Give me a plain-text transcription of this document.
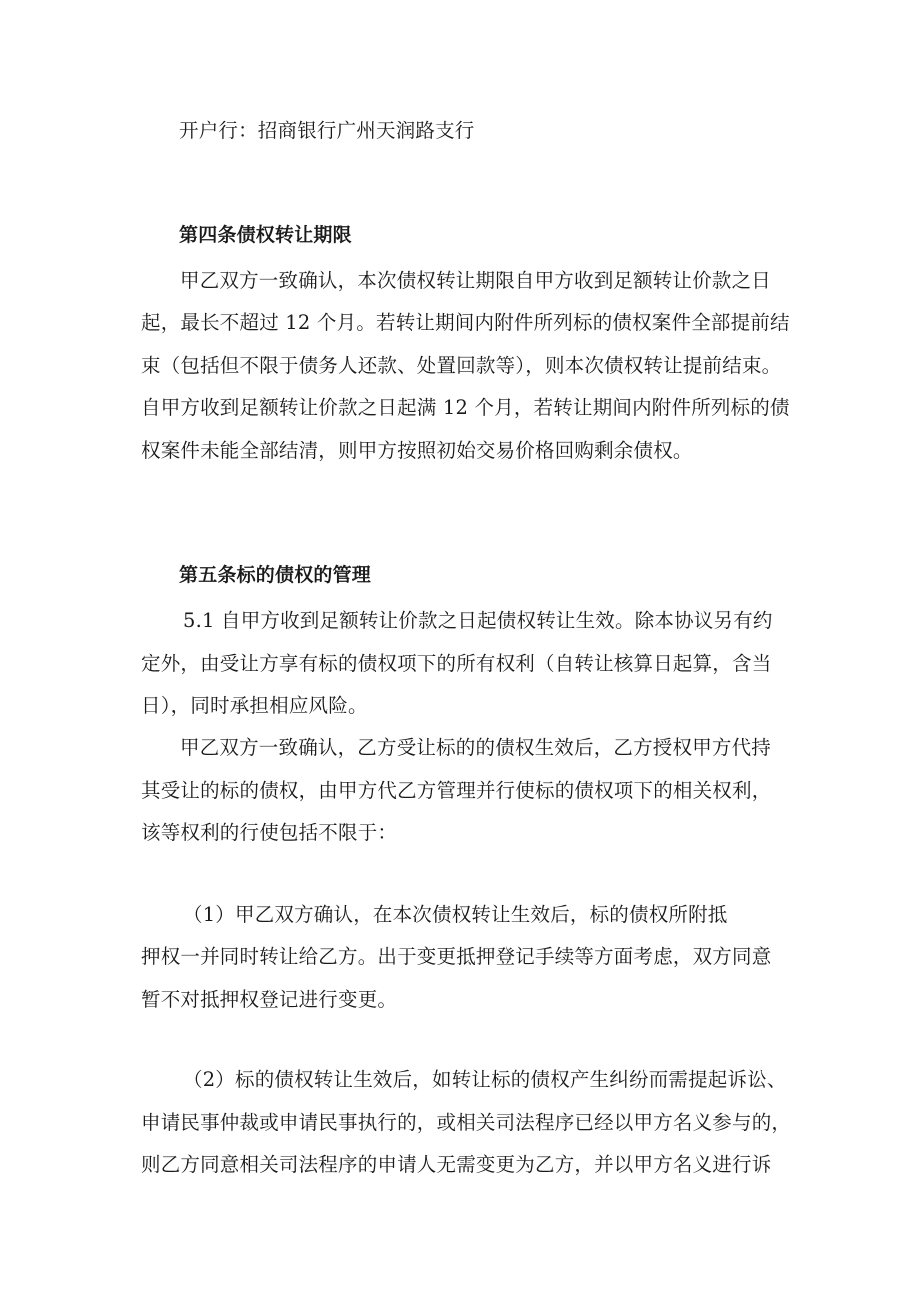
开户行：招商银行广州天润路支行
第四条债权转让期限
甲乙双方一致确认，本次债权转让期限自甲方收到足额转让价款之日
起，最长不超过 12 个月。若转让期间内附件所列标的债权案件全部提前结
束（包括但不限于债务人还款、处置回款等），则本次债权转让提前结束。
自甲方收到足额转让价款之日起满 12 个月，若转让期间内附件所列标的债
权案件未能全部结清，则甲方按照初始交易价格回购剩余债权。
第五条标的债权的管理
5.1 自甲方收到足额转让价款之日起债权转让生效。除本协议另有约
定外，由受让方享有标的债权项下的所有权利（自转让核算日起算，含当
日），同时承担相应风险。
甲乙双方一致确认，乙方受让标的的债权生效后，乙方授权甲方代持
其受让的标的债权，由甲方代乙方管理并行使标的债权项下的相关权利，
该等权利的行使包括不限于：
（1）甲乙双方确认，在本次债权转让生效后，标的债权所附抵
押权一并同时转让给乙方。出于变更抵押登记手续等方面考虑，双方同意
暂不对抵押权登记进行变更。
（2）标的债权转让生效后，如转让标的债权产生纠纷而需提起诉讼、
申请民事仲裁或申请民事执行的，或相关司法程序已经以甲方名义参与的，
则乙方同意相关司法程序的申请人无需变更为乙方，并以甲方名义进行诉
